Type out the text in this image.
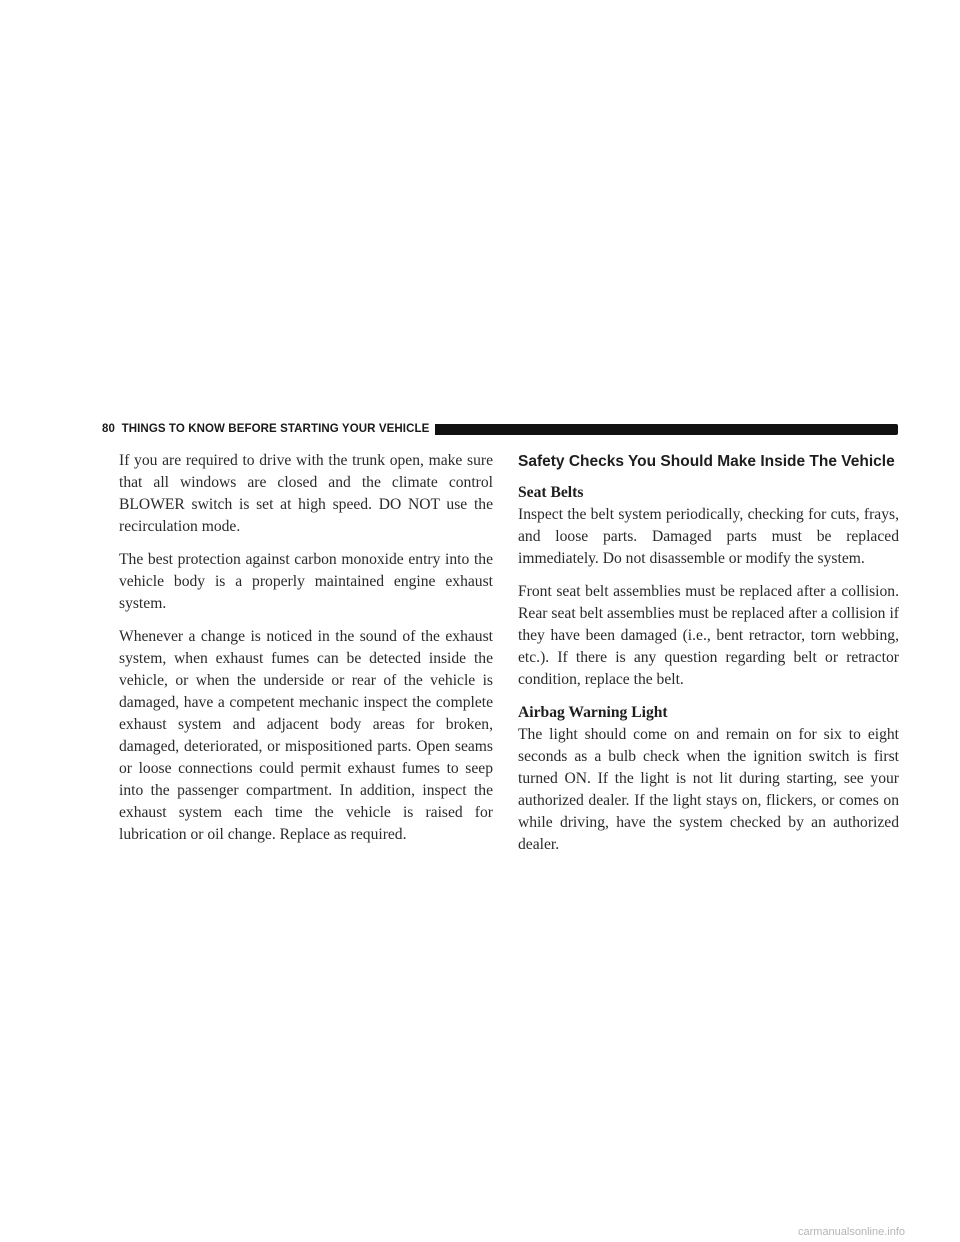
80 THINGS TO KNOW BEFORE STARTING YOUR VEHICLE

If you are required to drive with the trunk open, make sure that all windows are closed and the climate control BLOWER switch is set at high speed. DO NOT use the recirculation mode.

The best protection against carbon monoxide entry into the vehicle body is a properly maintained engine exhaust system.

Whenever a change is noticed in the sound of the exhaust system, when exhaust fumes can be detected inside the vehicle, or when the underside or rear of the vehicle is damaged, have a competent mechanic inspect the complete exhaust system and adjacent body areas for broken, damaged, deteriorated, or mispositioned parts. Open seams or loose connections could permit exhaust fumes to seep into the passenger compartment. In addition, inspect the exhaust system each time the vehicle is raised for lubrication or oil change. Replace as required.

Safety Checks You Should Make Inside The Vehicle
Seat Belts

Inspect the belt system periodically, checking for cuts, frays, and loose parts. Damaged parts must be replaced immediately. Do not disassemble or modify the system.

Front seat belt assemblies must be replaced after a collision. Rear seat belt assemblies must be replaced after a collision if they have been damaged (i.e., bent retractor, torn webbing, etc.). If there is any question regarding belt or retractor condition, replace the belt.

Airbag Warning Light

The light should come on and remain on for six to eight seconds as a bulb check when the ignition switch is first turned ON. If the light is not lit during starting, see your authorized dealer. If the light stays on, flickers, or comes on while driving, have the system checked by an authorized dealer.

carmanualsonline.info
